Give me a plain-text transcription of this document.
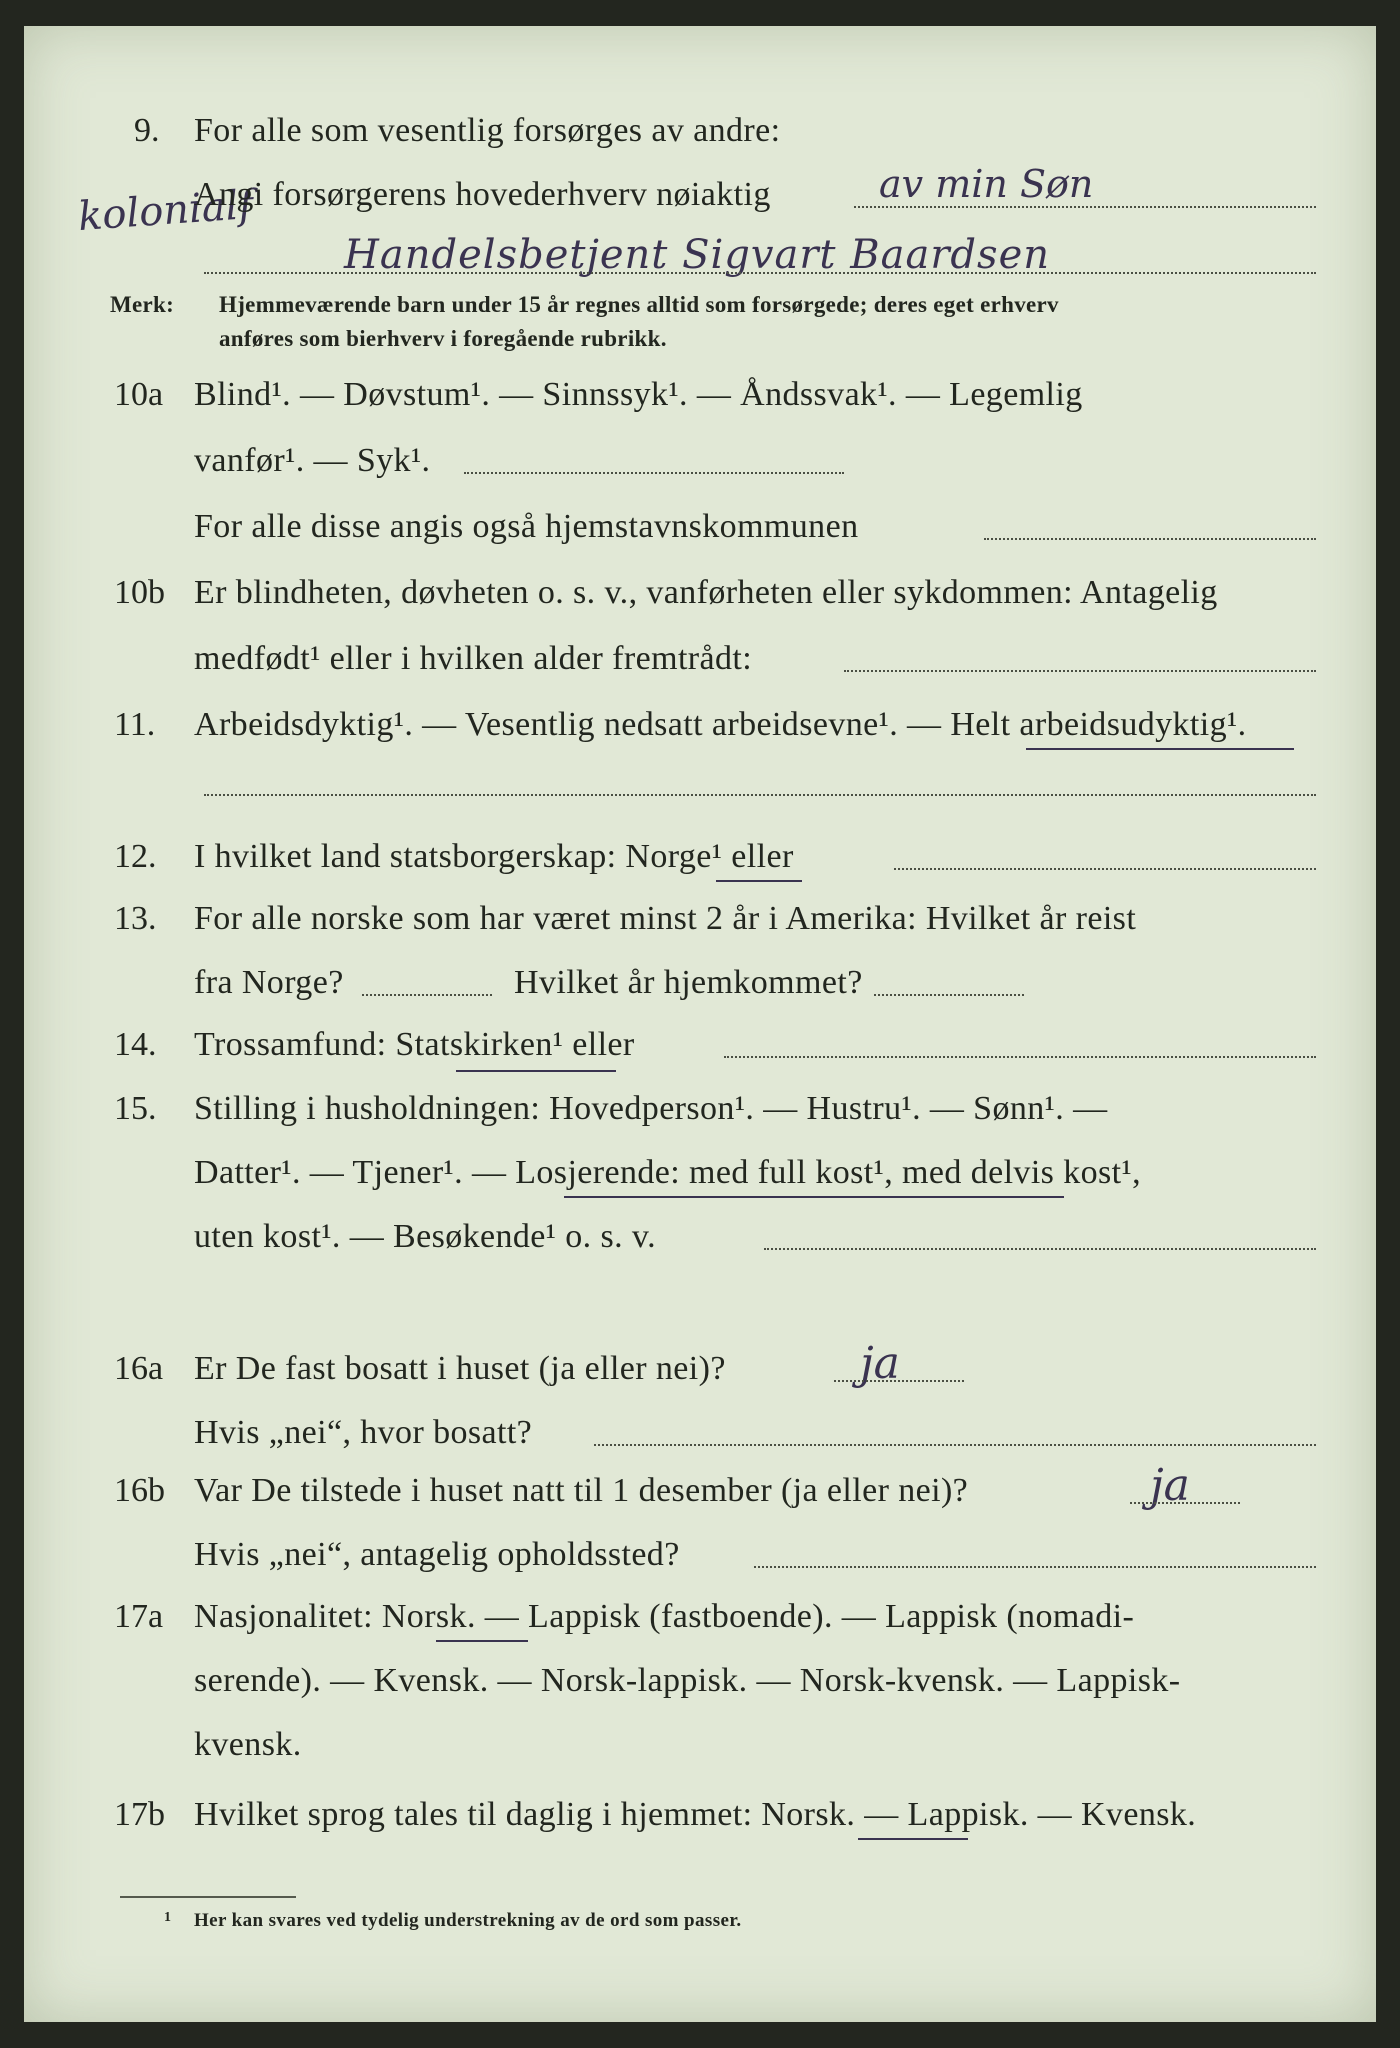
9. For alle som vesentlig forsørges av andre:
kolonialf
Angi forsørgerens hovederhverv nøiaktig	av min Søn
Handelsbetjent Sigvart Baardsen
Merk: Hjemmeværende barn under 15 år regnes alltid som forsørgede; deres eget erhverv
anføres som bierhverv i foregående rubrikk.
10a Blind¹. — Døvstum¹. — Sinnssyk¹. — Åndssvak¹. — Legemlig
vanfør¹. — Syk¹.
For alle disse angis også hjemstavnskommunen
10b Er blindheten, døvheten o. s. v., vanførheten eller sykdommen: Antagelig
medfødt¹ eller i hvilken alder fremtrådt:
11. Arbeidsdyktig¹. — Vesentlig nedsatt arbeidsevne¹. — Helt arbeidsudyktig¹.
12. I hvilket land statsborgerskap: Norge¹ eller
13. For alle norske som har været minst 2 år i Amerika: Hvilket år reist
fra Norge?	Hvilket år hjemkommet?
14. Trossamfund: Statskirken¹ eller
15. Stilling i husholdningen: Hovedperson¹. — Hustru¹. — Sønn¹. —
Datter¹. — Tjener¹. — Losjerende: med full kost¹, med delvis kost¹,
uten kost¹. — Besøkende¹ o. s. v.
16a Er De fast bosatt i huset (ja eller nei)?	ja
Hvis „nei“, hvor bosatt?
16b Var De tilstede i huset natt til 1 desember (ja eller nei)?	ja
Hvis „nei“, antagelig opholdssted?
17a Nasjonalitet: Norsk. — Lappisk (fastboende). — Lappisk (nomadi-
serende). — Kvensk. — Norsk-lappisk. — Norsk-kvensk. — Lappisk-
kvensk.
17b Hvilket sprog tales til daglig i hjemmet: Norsk. — Lappisk. — Kvensk.
1 Her kan svares ved tydelig understrekning av de ord som passer.
